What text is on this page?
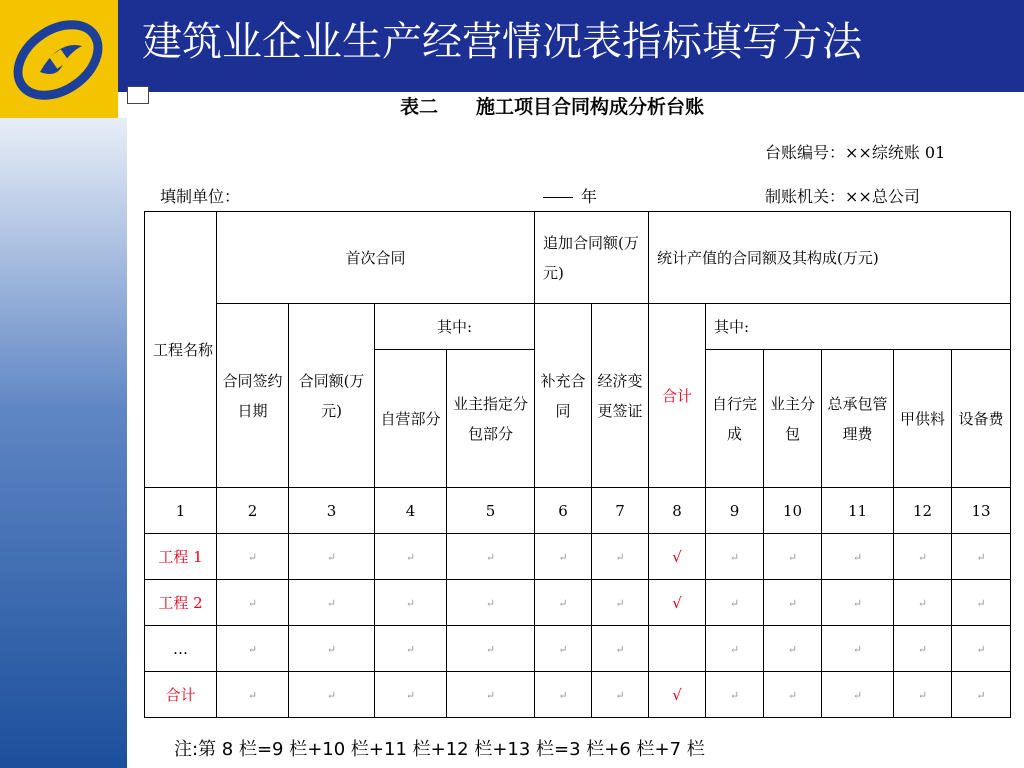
建筑业企业生产经营情况表指标填写方法
表二　　施工项目合同构成分析台账
台账编号：××综统账 01
填制单位：	年	制账机关：××总公司
工程名称	首次合同				追加合同额(万元)		统计产值的合同额及其构成(万元)					
	合同签约日期	合同额(万元)	其中:		补充合同	经济变更签证	合计	其中:				
			自营部分	业主指定分包部分				自行完成	业主分包	总承包管理费	甲供料	设备费
1	2	3	4	5	6	7	8	9	10	11	12	13
工程 1	↵	↵	↵	↵	↵	↵	√	↵	↵	↵	↵	↵
工程 2	↵	↵	↵	↵	↵	↵	√	↵	↵	↵	↵	↵
…	↵	↵	↵	↵	↵	↵		↵	↵	↵	↵	↵
合计	↵	↵	↵	↵	↵	↵	√	↵	↵	↵	↵	↵
注:第 8 栏=9 栏+10 栏+11 栏+12 栏+13 栏=3 栏+6 栏+7 栏
